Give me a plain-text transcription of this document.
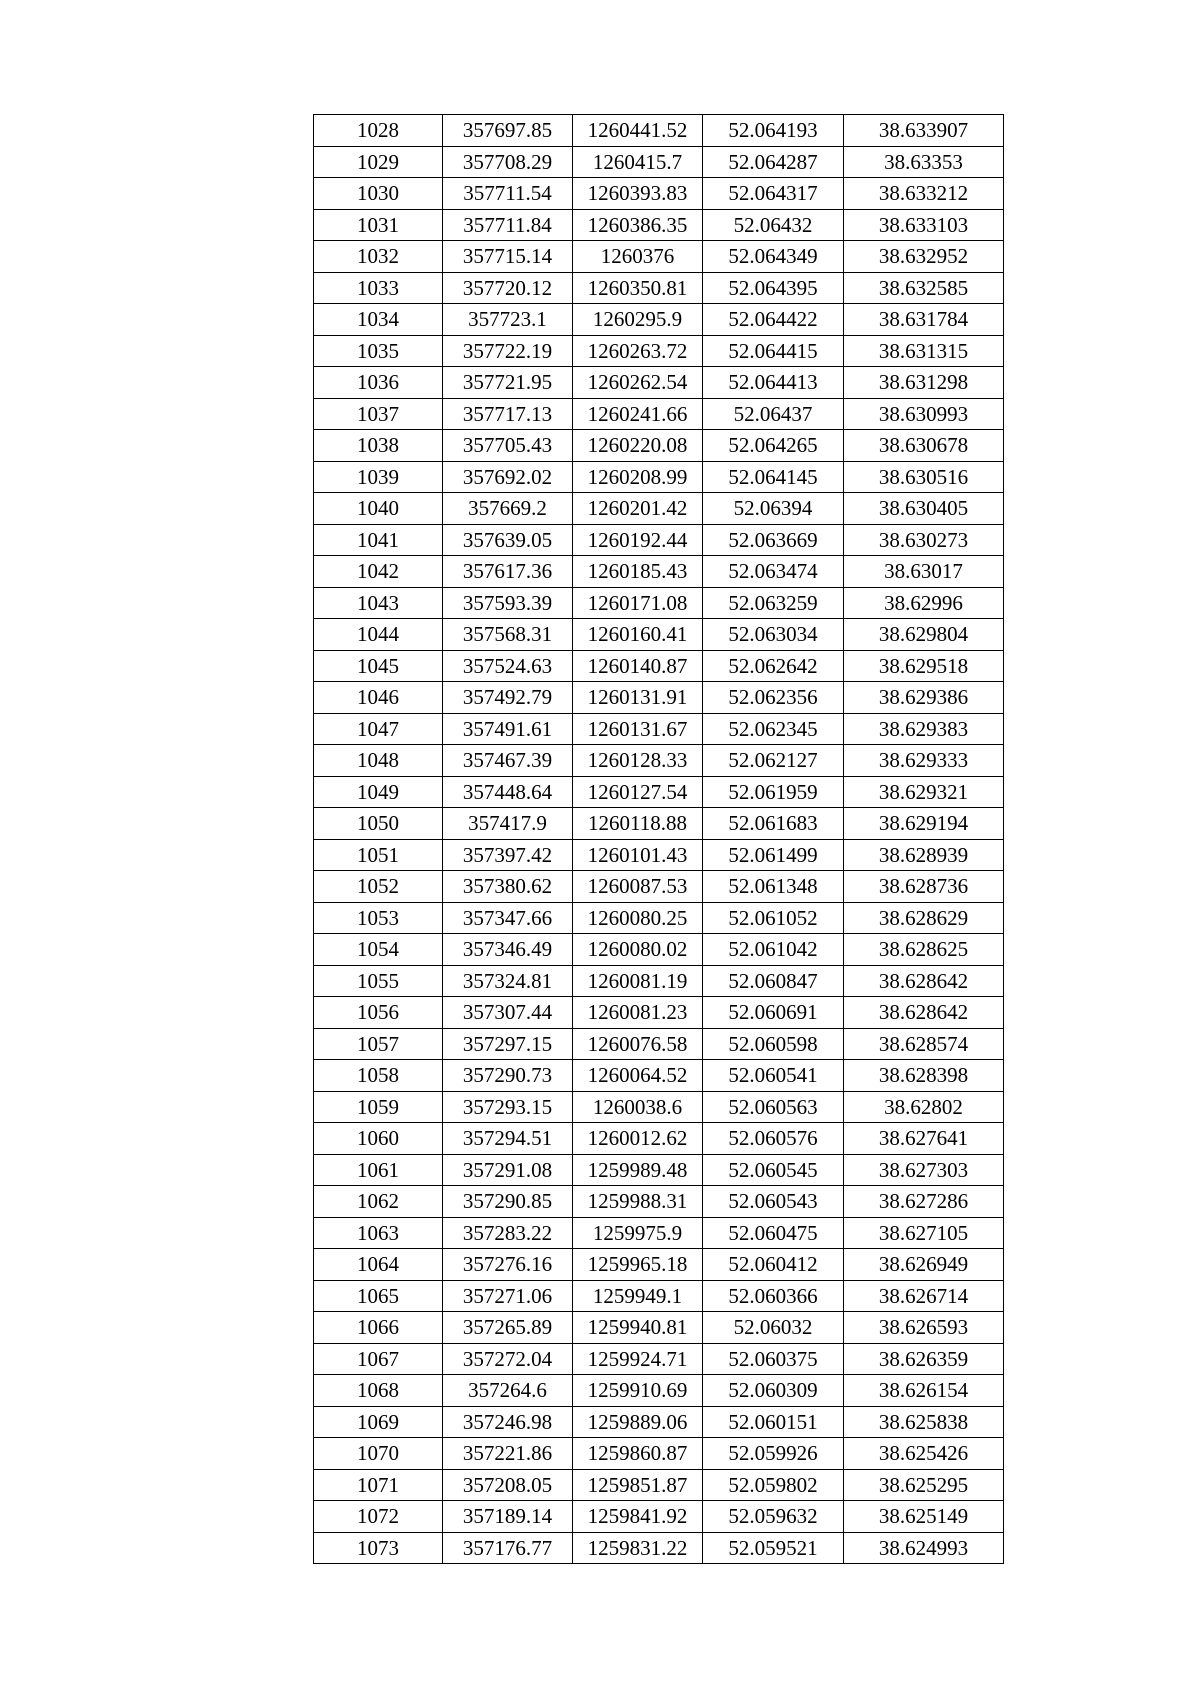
1028	357697.85	1260441.52	52.064193	38.633907
1029	357708.29	1260415.7	52.064287	38.63353
1030	357711.54	1260393.83	52.064317	38.633212
1031	357711.84	1260386.35	52.06432	38.633103
1032	357715.14	1260376	52.064349	38.632952
1033	357720.12	1260350.81	52.064395	38.632585
1034	357723.1	1260295.9	52.064422	38.631784
1035	357722.19	1260263.72	52.064415	38.631315
1036	357721.95	1260262.54	52.064413	38.631298
1037	357717.13	1260241.66	52.06437	38.630993
1038	357705.43	1260220.08	52.064265	38.630678
1039	357692.02	1260208.99	52.064145	38.630516
1040	357669.2	1260201.42	52.06394	38.630405
1041	357639.05	1260192.44	52.063669	38.630273
1042	357617.36	1260185.43	52.063474	38.63017
1043	357593.39	1260171.08	52.063259	38.62996
1044	357568.31	1260160.41	52.063034	38.629804
1045	357524.63	1260140.87	52.062642	38.629518
1046	357492.79	1260131.91	52.062356	38.629386
1047	357491.61	1260131.67	52.062345	38.629383
1048	357467.39	1260128.33	52.062127	38.629333
1049	357448.64	1260127.54	52.061959	38.629321
1050	357417.9	1260118.88	52.061683	38.629194
1051	357397.42	1260101.43	52.061499	38.628939
1052	357380.62	1260087.53	52.061348	38.628736
1053	357347.66	1260080.25	52.061052	38.628629
1054	357346.49	1260080.02	52.061042	38.628625
1055	357324.81	1260081.19	52.060847	38.628642
1056	357307.44	1260081.23	52.060691	38.628642
1057	357297.15	1260076.58	52.060598	38.628574
1058	357290.73	1260064.52	52.060541	38.628398
1059	357293.15	1260038.6	52.060563	38.62802
1060	357294.51	1260012.62	52.060576	38.627641
1061	357291.08	1259989.48	52.060545	38.627303
1062	357290.85	1259988.31	52.060543	38.627286
1063	357283.22	1259975.9	52.060475	38.627105
1064	357276.16	1259965.18	52.060412	38.626949
1065	357271.06	1259949.1	52.060366	38.626714
1066	357265.89	1259940.81	52.06032	38.626593
1067	357272.04	1259924.71	52.060375	38.626359
1068	357264.6	1259910.69	52.060309	38.626154
1069	357246.98	1259889.06	52.060151	38.625838
1070	357221.86	1259860.87	52.059926	38.625426
1071	357208.05	1259851.87	52.059802	38.625295
1072	357189.14	1259841.92	52.059632	38.625149
1073	357176.77	1259831.22	52.059521	38.624993
